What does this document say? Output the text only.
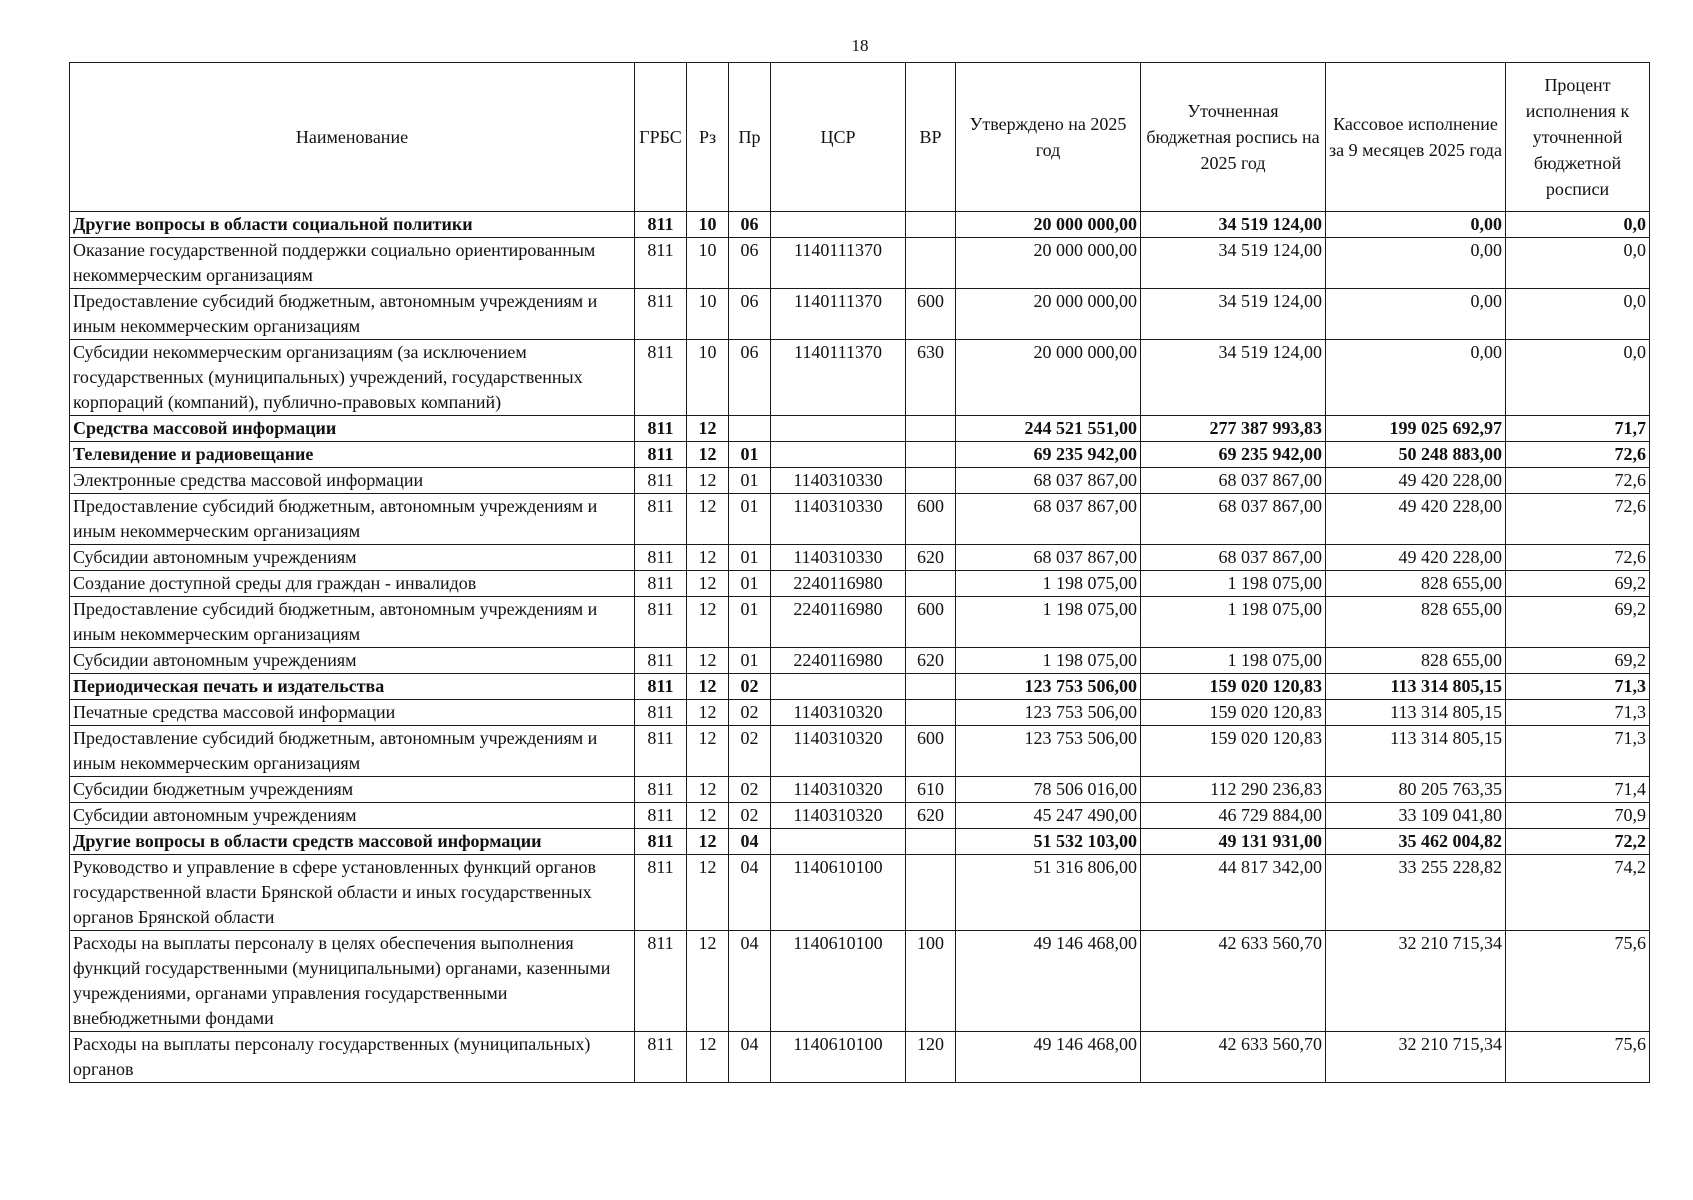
18
Наименование	ГРБС	Рз	Пр	ЦСР	ВР	Утверждено на 2025 год	Уточненная бюджетная роспись на 2025 год	Кассовое исполнение за 9 месяцев 2025 года	Процент исполнения к уточненной бюджетной росписи
Другие вопросы в области социальной политики	811	10	06			20 000 000,00	34 519 124,00	0,00	0,0
Оказание государственной поддержки социально ориентированным некоммерческим организациям	811	10	06	1140111370		20 000 000,00	34 519 124,00	0,00	0,0
Предоставление субсидий бюджетным, автономным учреждениям и иным некоммерческим организациям	811	10	06	1140111370	600	20 000 000,00	34 519 124,00	0,00	0,0
Субсидии некоммерческим организациям (за исключением государственных (муниципальных) учреждений, государственных корпораций (компаний), публично-правовых компаний)	811	10	06	1140111370	630	20 000 000,00	34 519 124,00	0,00	0,0
Средства массовой информации	811	12				244 521 551,00	277 387 993,83	199 025 692,97	71,7
Телевидение и радиовещание	811	12	01			69 235 942,00	69 235 942,00	50 248 883,00	72,6
Электронные средства массовой информации	811	12	01	1140310330		68 037 867,00	68 037 867,00	49 420 228,00	72,6
Предоставление субсидий бюджетным, автономным учреждениям и иным некоммерческим организациям	811	12	01	1140310330	600	68 037 867,00	68 037 867,00	49 420 228,00	72,6
Субсидии автономным учреждениям	811	12	01	1140310330	620	68 037 867,00	68 037 867,00	49 420 228,00	72,6
Создание доступной среды для граждан - инвалидов	811	12	01	2240116980		1 198 075,00	1 198 075,00	828 655,00	69,2
Предоставление субсидий бюджетным, автономным учреждениям и иным некоммерческим организациям	811	12	01	2240116980	600	1 198 075,00	1 198 075,00	828 655,00	69,2
Субсидии автономным учреждениям	811	12	01	2240116980	620	1 198 075,00	1 198 075,00	828 655,00	69,2
Периодическая печать и издательства	811	12	02			123 753 506,00	159 020 120,83	113 314 805,15	71,3
Печатные средства массовой информации	811	12	02	1140310320		123 753 506,00	159 020 120,83	113 314 805,15	71,3
Предоставление субсидий бюджетным, автономным учреждениям и иным некоммерческим организациям	811	12	02	1140310320	600	123 753 506,00	159 020 120,83	113 314 805,15	71,3
Субсидии бюджетным учреждениям	811	12	02	1140310320	610	78 506 016,00	112 290 236,83	80 205 763,35	71,4
Субсидии автономным учреждениям	811	12	02	1140310320	620	45 247 490,00	46 729 884,00	33 109 041,80	70,9
Другие вопросы в области средств массовой информации	811	12	04			51 532 103,00	49 131 931,00	35 462 004,82	72,2
Руководство и управление в сфере установленных функций органов государственной власти Брянской области и иных государственных органов Брянской области	811	12	04	1140610100		51 316 806,00	44 817 342,00	33 255 228,82	74,2
Расходы на выплаты персоналу в целях обеспечения выполнения функций государственными (муниципальными) органами, казенными учреждениями, органами управления государственными внебюджетными фондами	811	12	04	1140610100	100	49 146 468,00	42 633 560,70	32 210 715,34	75,6
Расходы на выплаты персоналу государственных (муниципальных) органов	811	12	04	1140610100	120	49 146 468,00	42 633 560,70	32 210 715,34	75,6
